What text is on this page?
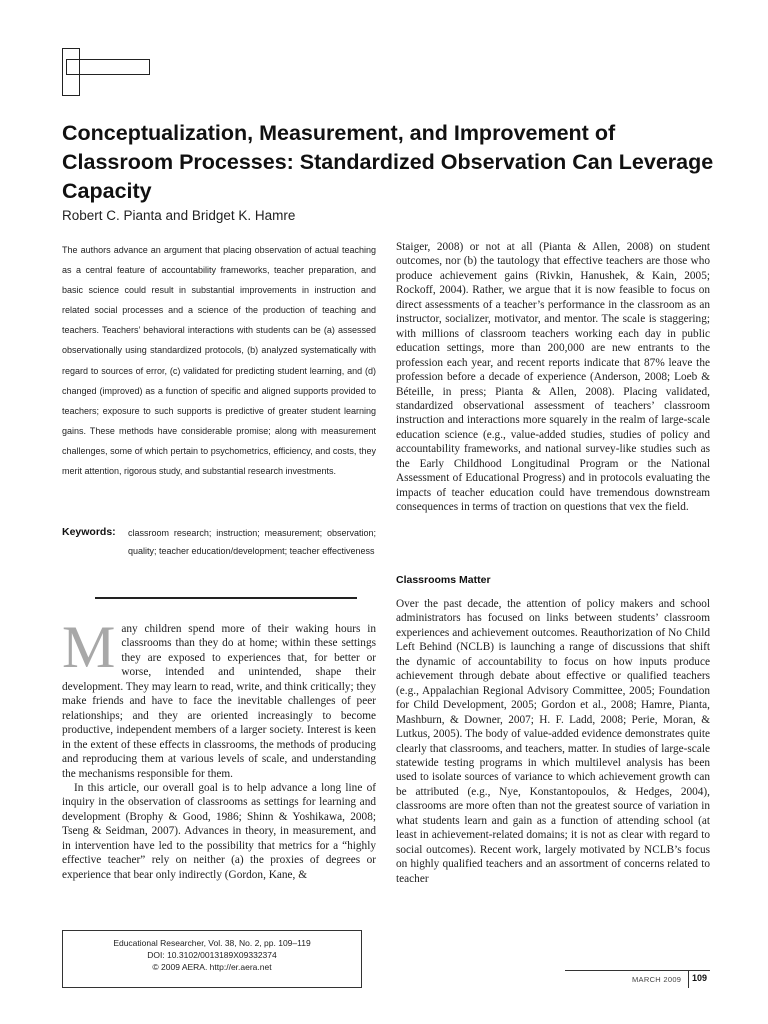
Conceptualization, Measurement, and Improvement of Classroom Processes: Standardized Observation Can Leverage Capacity
Robert C. Pianta and Bridget K. Hamre

The authors advance an argument that placing observation of actual teaching as a central feature of accountability frameworks, teacher preparation, and basic science could result in substantial improvements in instruction and related social processes and a science of the production of teaching and teachers. Teachers’ behavioral interactions with students can be (a) assessed observationally using standardized protocols, (b) analyzed systematically with regard to sources of error, (c) validated for predicting student learning, and (d) changed (improved) as a function of specific and aligned supports provided to teachers; exposure to such supports is predictive of greater student learning gains. These methods have considerable promise; along with measurement challenges, some of which pertain to psychometrics, efficiency, and costs, they merit attention, rigorous study, and substantial research investments.

Keywords: classroom research; instruction; measurement; observation; quality; teacher education/development; teacher effectiveness
M any children spend more of their waking hours in classrooms than they do at home; within these settings they are exposed to experiences that, for better or worse, intended and unintended, shape their development. They may learn to read, write, and think critically; they make friends and have to face the inevitable challenges of peer relationships; and they are oriented increasingly to become productive, independent members of a larger society. Interest is keen in the extent of these effects in classrooms, the methods of producing and reproducing them at various levels of scale, and understanding the mechanisms responsible for them.

In this article, our overall goal is to help advance a long line of inquiry in the observation of classrooms as settings for learning and development (Brophy & Good, 1986; Shinn & Yoshikawa, 2008; Tseng & Seidman, 2007). Advances in theory, in measurement, and in intervention have led to the possibility that metrics for a “highly effective teacher” rely on neither (a) the proxies of degrees or experience that bear only indirectly (Gordon, Kane, &

Staiger, 2008) or not at all (Pianta & Allen, 2008) on student outcomes, nor (b) the tautology that effective teachers are those who produce achievement gains (Rivkin, Hanushek, & Kain, 2005; Rockoff, 2004). Rather, we argue that it is now feasible to focus on direct assessments of a teacher’s performance in the classroom as an instructor, socializer, motivator, and mentor. The scale is staggering; with millions of classroom teachers working each day in public education settings, more than 200,000 are new entrants to the profession each year, and recent reports indicate that 87% leave the profession before a decade of experience (Anderson, 2008; Loeb & Béteille, in press; Pianta & Allen, 2008). Placing validated, standardized observational assessment of teachers’ classroom instruction and interactions more squarely in the realm of large-scale education science (e.g., value-added studies, studies of policy and accountability frameworks, and national survey-like studies such as the Early Childhood Longitudinal Program or the National Assessment of Educational Progress) and in protocols evaluating the impacts of teacher education could have tremendous downstream consequences in terms of traction on questions that vex the field.

Classrooms Matter

Over the past decade, the attention of policy makers and school administrators has focused on links between students’ classroom experiences and achievement outcomes. Reauthorization of No Child Left Behind (NCLB) is launching a range of discussions that shift the dynamic of accountability to focus on how inputs produce achievement through debate about effective or qualified teachers (e.g., Appalachian Regional Advisory Committee, 2005; Foundation for Child Development, 2005; Gordon et al., 2008; Hamre, Pianta, Mashburn, & Downer, 2007; H. F. Ladd, 2008; Perie, Moran, & Lutkus, 2005). The body of value-added evidence demonstrates quite clearly that classrooms, and teachers, matter. In studies of large-scale statewide testing programs in which multilevel analysis has been used to isolate sources of variance to which achievement growth can be attributed (e.g., Nye, Konstantopoulos, & Hedges, 2004), classrooms are more often than not the greatest source of variation in what students learn and gain as a function of attending school (at least in achievement-related domains; it is not as clear with regard to social outcomes). Recent work, largely motivated by NCLB’s focus on highly qualified teachers and an assortment of concerns related to teacher

Educational Researcher, Vol. 38, No. 2, pp. 109–119
DOI: 10.3102/0013189X09332374
© 2009 AERA. http://er.aera.net
MARCH 2009 109
